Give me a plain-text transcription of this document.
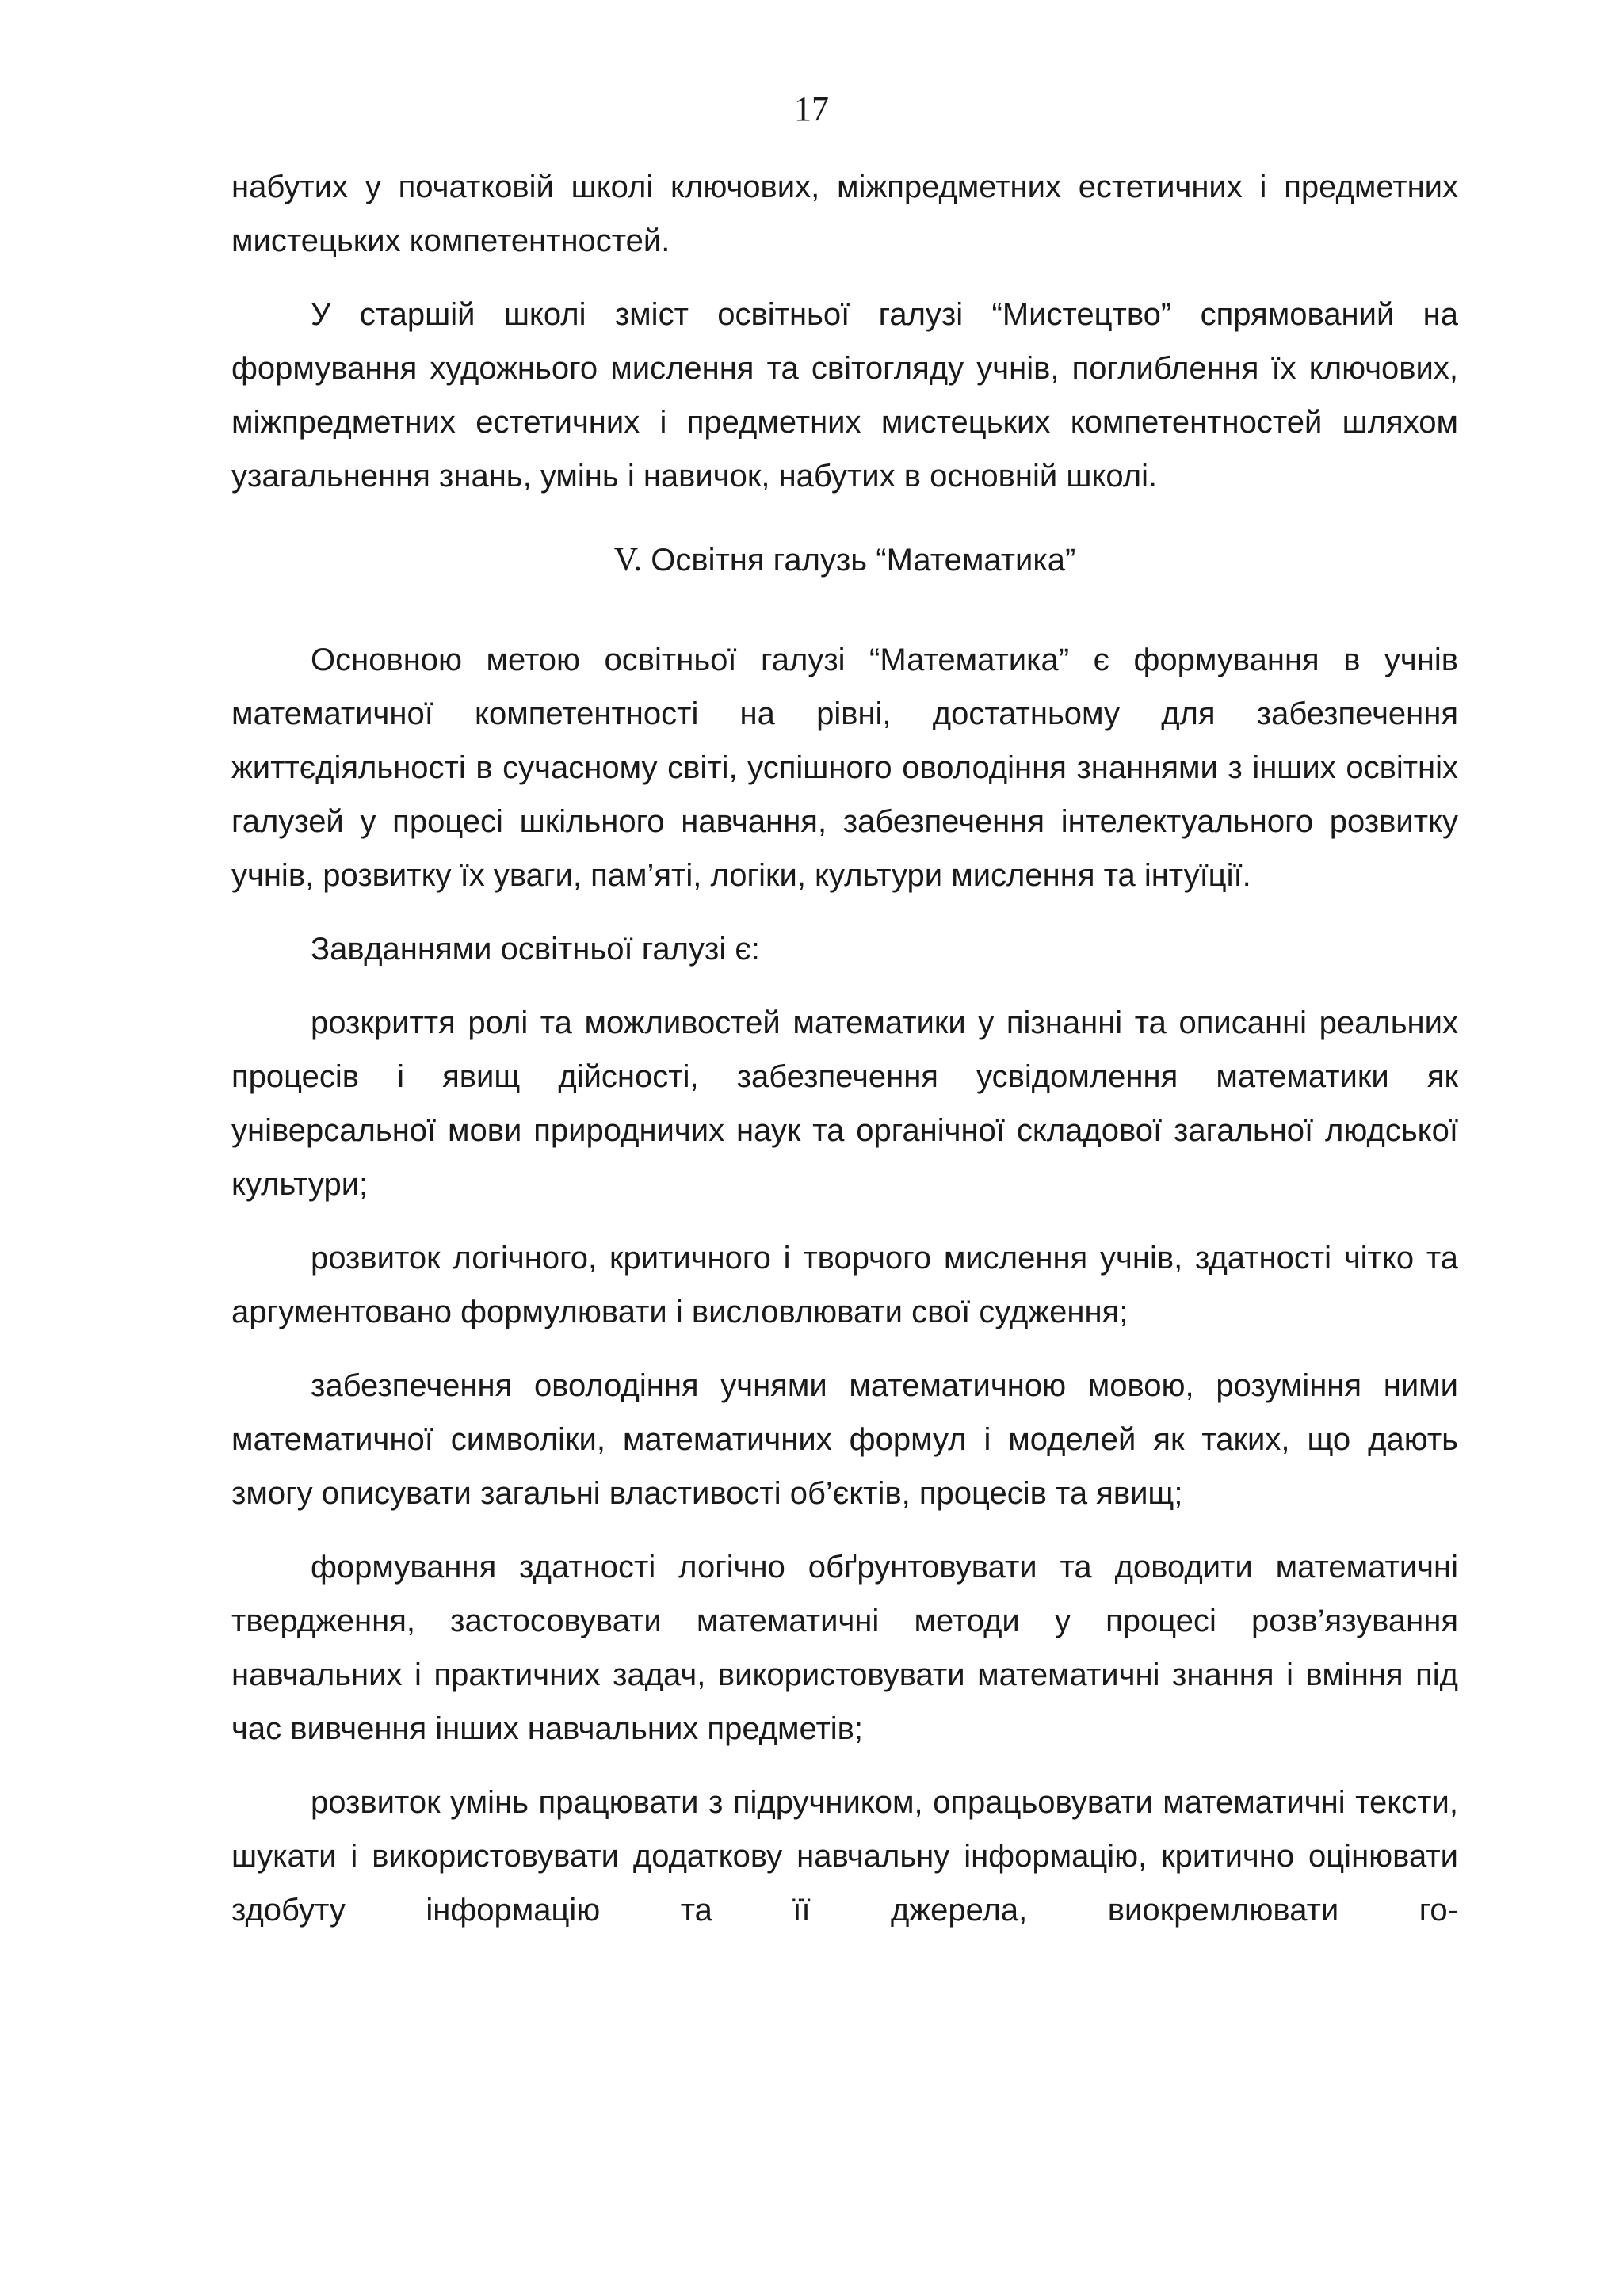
17

набутих у початковій школі ключових, міжпредметних естетичних і предметних мистецьких компетентностей.

У старшій школі зміст освітньої галузі “Мистецтво” спрямований на формування художнього мислення та світогляду учнів, поглиблення їх ключових, міжпредметних естетичних і предметних мистецьких компетентностей шляхом узагальнення знань, умінь і навичок, набутих в основній школі.

V. Освітня галузь “Математика”

Основною метою освітньої галузі “Математика” є формування в учнів математичної компетентності на рівні, достатньому для забезпечення життєдіяльності в сучасному світі, успішного оволодіння знаннями з інших освітніх галузей у процесі шкільного навчання, забезпечення інтелектуального розвитку учнів, розвитку їх уваги, пам’яті, логіки, культури мислення та інтуїції.

Завданнями освітньої галузі є:

розкриття ролі та можливостей математики у пізнанні та описанні реальних процесів і явищ дійсності, забезпечення усвідомлення математики як універсальної мови природничих наук та органічної складової загальної людської культури;

розвиток логічного, критичного і творчого мислення учнів, здатності чітко та аргументовано формулювати і висловлювати свої судження;

забезпечення оволодіння учнями математичною мовою, розуміння ними математичної символіки, математичних формул і моделей як таких, що дають змогу описувати загальні властивості об’єктів, процесів та явищ;

формування здатності логічно обґрунтовувати та доводити математичні твердження, застосовувати математичні методи у процесі розв’язування навчальних і практичних задач, використовувати математичні знання і вміння під час вивчення інших навчальних предметів;

розвиток умінь працювати з підручником, опрацьовувати математичні тексти, шукати і використовувати додаткову навчальну інформацію, критично оцінювати здобуту інформацію та її джерела, виокремлювати го-
